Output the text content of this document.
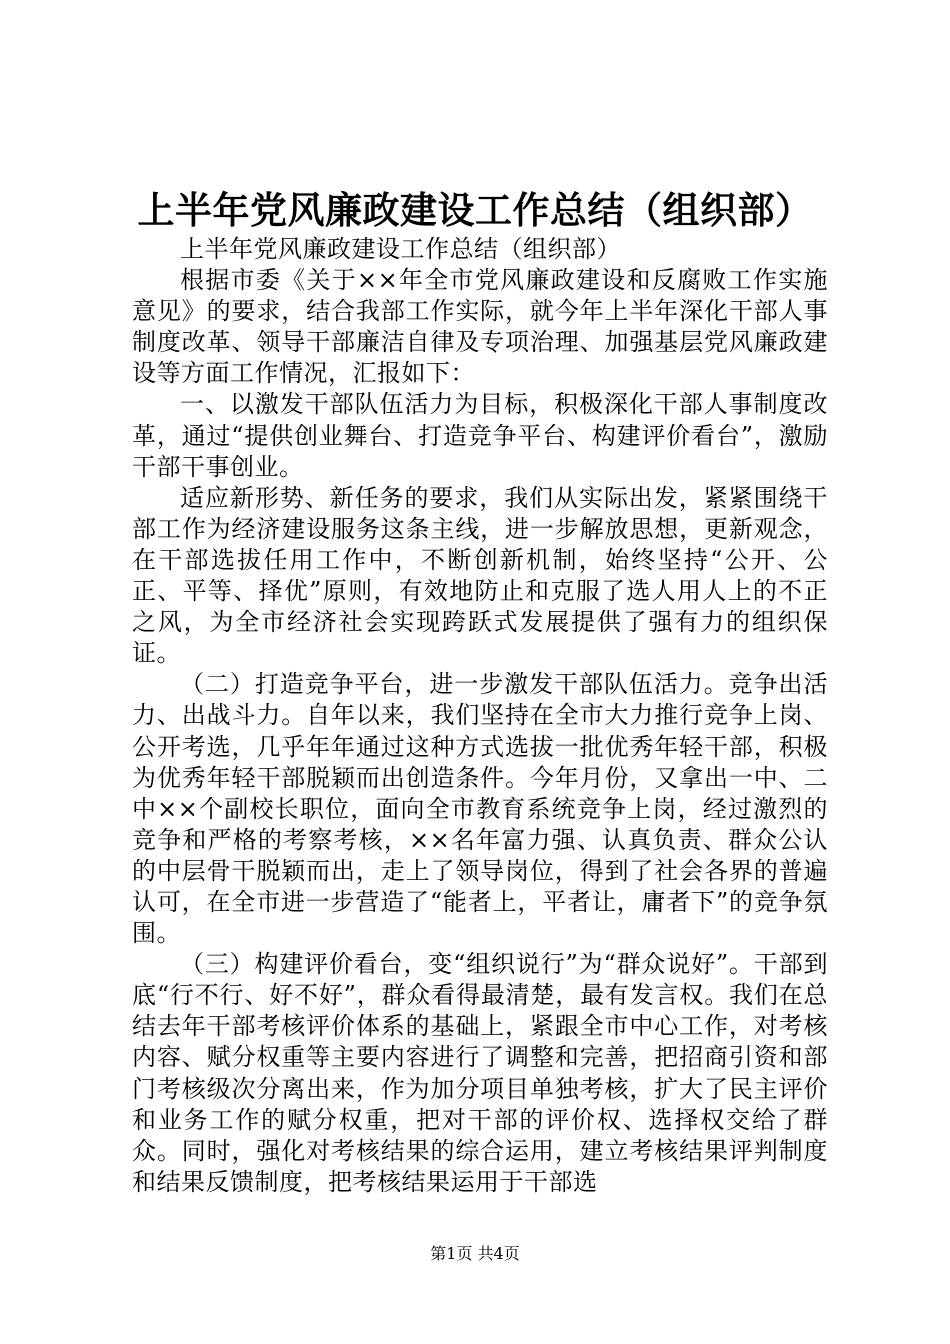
上半年党风廉政建设工作总结（组织部）

上半年党风廉政建设工作总结（组织部）

根据市委《关于××年全市党风廉政建设和反腐败工作实施意见》的要求，结合我部工作实际，就今年上半年深化干部人事制度改革、领导干部廉洁自律及专项治理、加强基层党风廉政建设等方面工作情况，汇报如下：

一、以激发干部队伍活力为目标，积极深化干部人事制度改革，通过“提供创业舞台、打造竞争平台、构建评价看台”，激励干部干事创业。

适应新形势、新任务的要求，我们从实际出发，紧紧围绕干部工作为经济建设服务这条主线，进一步解放思想，更新观念，在干部选拔任用工作中，不断创新机制，始终坚持“公开、公正、平等、择优”原则，有效地防止和克服了选人用人上的不正之风，为全市经济社会实现跨跃式发展提供了强有力的组织保证。

（二）打造竞争平台，进一步激发干部队伍活力。竞争出活力、出战斗力。自年以来，我们坚持在全市大力推行竞争上岗、公开考选，几乎年年通过这种方式选拔一批优秀年轻干部，积极为优秀年轻干部脱颖而出创造条件。今年月份，又拿出一中、二中××个副校长职位，面向全市教育系统竞争上岗，经过激烈的竞争和严格的考察考核，××名年富力强、认真负责、群众公认的中层骨干脱颖而出，走上了领导岗位，得到了社会各界的普遍认可，在全市进一步营造了“能者上，平者让，庸者下”的竞争氛围。

（三）构建评价看台，变“组织说行”为“群众说好”。干部到底“行不行、好不好”，群众看得最清楚，最有发言权。我们在总结去年干部考核评价体系的基础上，紧跟全市中心工作，对考核内容、赋分权重等主要内容进行了调整和完善，把招商引资和部门考核级次分离出来，作为加分项目单独考核，扩大了民主评价和业务工作的赋分权重，把对干部的评价权、选择权交给了群众。同时，强化对考核结果的综合运用，建立考核结果评判制度和结果反馈制度，把考核结果运用于干部选

第1页 共4页
